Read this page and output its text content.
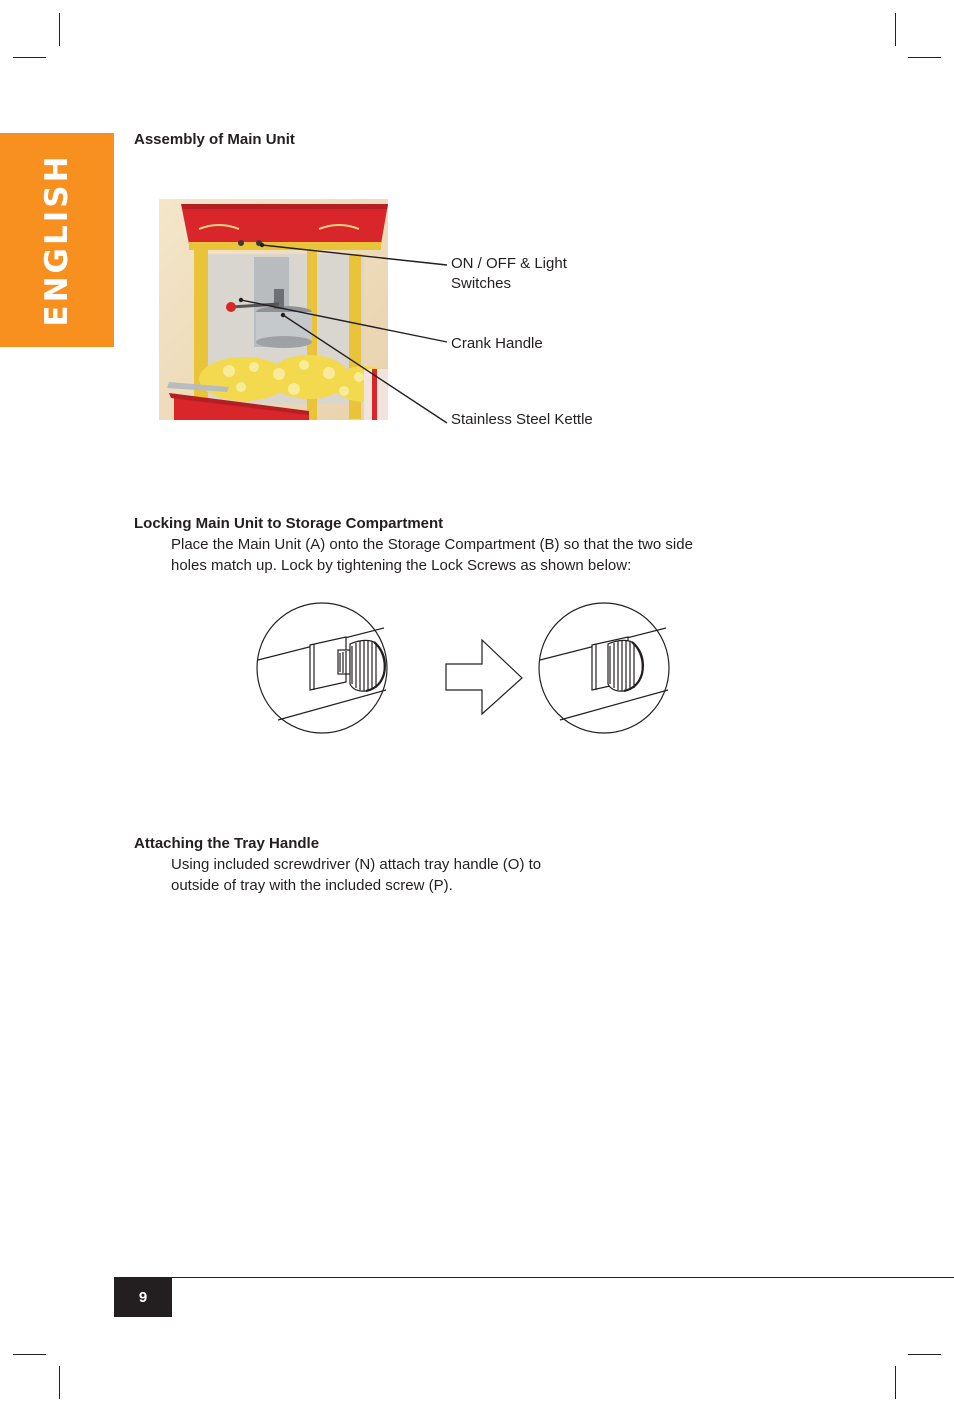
ENGLISH
Assembly of Main Unit
ON / OFF & Light
Switches
Crank Handle
Stainless Steel Kettle
Locking Main Unit to Storage Compartment
Place the Main Unit (A) onto the Storage Compartment (B) so that the two side
holes match up. Lock by tightening the Lock Screws as shown below:
Attaching the Tray Handle
Using included screwdriver (N) attach tray handle (O) to
outside of tray with the included screw (P).
9
